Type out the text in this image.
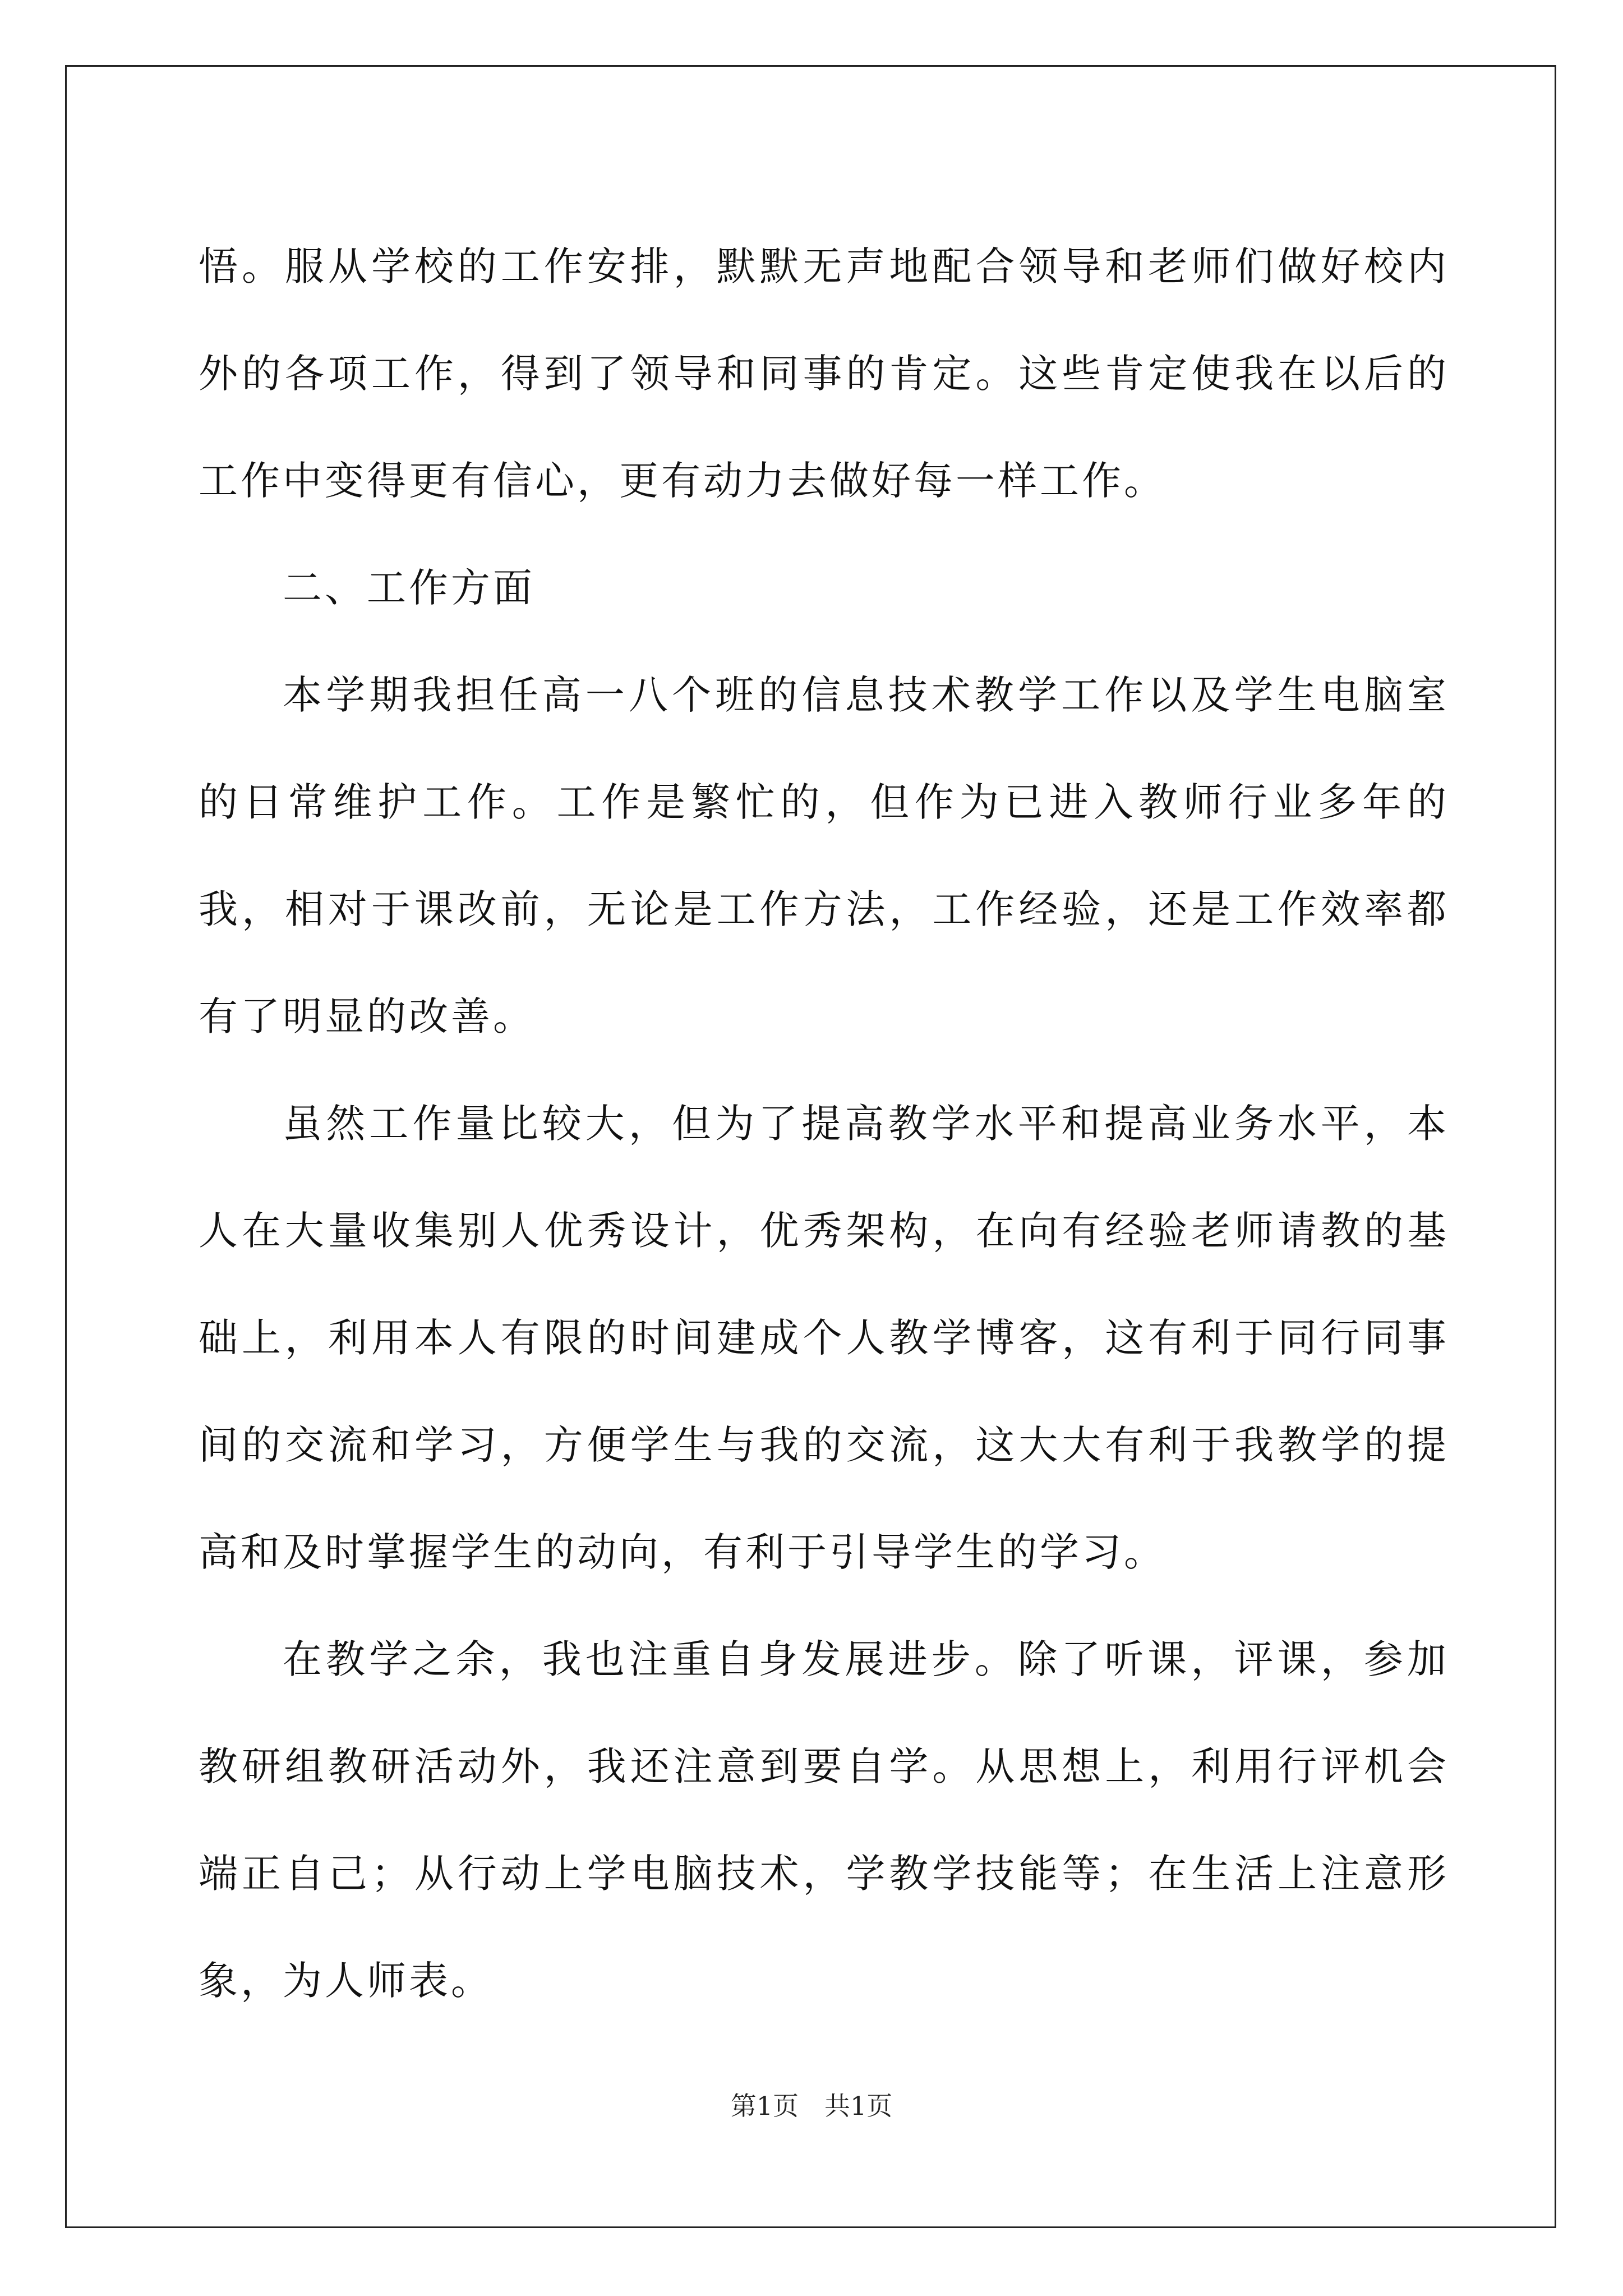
悟。服从学校的工作安排，默默无声地配合领导和老师们做好校内外的各项工作，得到了领导和同事的肯定。这些肯定使我在以后的工作中变得更有信心，更有动力去做好每一样工作。

二、工作方面

本学期我担任高一八个班的信息技术教学工作以及学生电脑室的日常维护工作。工作是繁忙的，但作为已进入教师行业多年的我，相对于课改前，无论是工作方法，工作经验，还是工作效率都有了明显的改善。

虽然工作量比较大，但为了提高教学水平和提高业务水平，本人在大量收集别人优秀设计，优秀架构，在向有经验老师请教的基础上，利用本人有限的时间建成个人教学博客，这有利于同行同事间的交流和学习，方便学生与我的交流，这大大有利于我教学的提高和及时掌握学生的动向，有利于引导学生的学习。

在教学之余，我也注重自身发展进步。除了听课，评课，参加教研组教研活动外，我还注意到要自学。从思想上，利用行评机会端正自己；从行动上学电脑技术，学教学技能等；在生活上注意形象，为人师表。

第1页　共1页
